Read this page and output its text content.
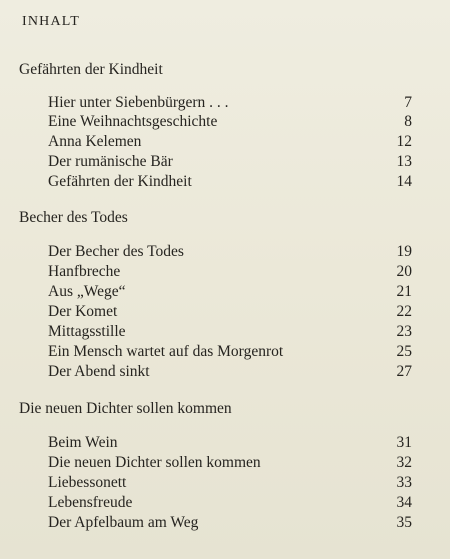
INHALT
Gefährten der Kindheit
Hier unter Siebenbürgern . . .	7
Eine Weihnachtsgeschichte	8
Anna Kelemen	12
Der rumänische Bär	13
Gefährten der Kindheit	14
Becher des Todes
Der Becher des Todes	19
Hanfbreche	20
Aus „Wege“	21
Der Komet	22
Mittagsstille	23
Ein Mensch wartet auf das Morgenrot	25
Der Abend sinkt	27
Die neuen Dichter sollen kommen
Beim Wein	31
Die neuen Dichter sollen kommen	32
Liebessonett	33
Lebensfreude	34
Der Apfelbaum am Weg	35
